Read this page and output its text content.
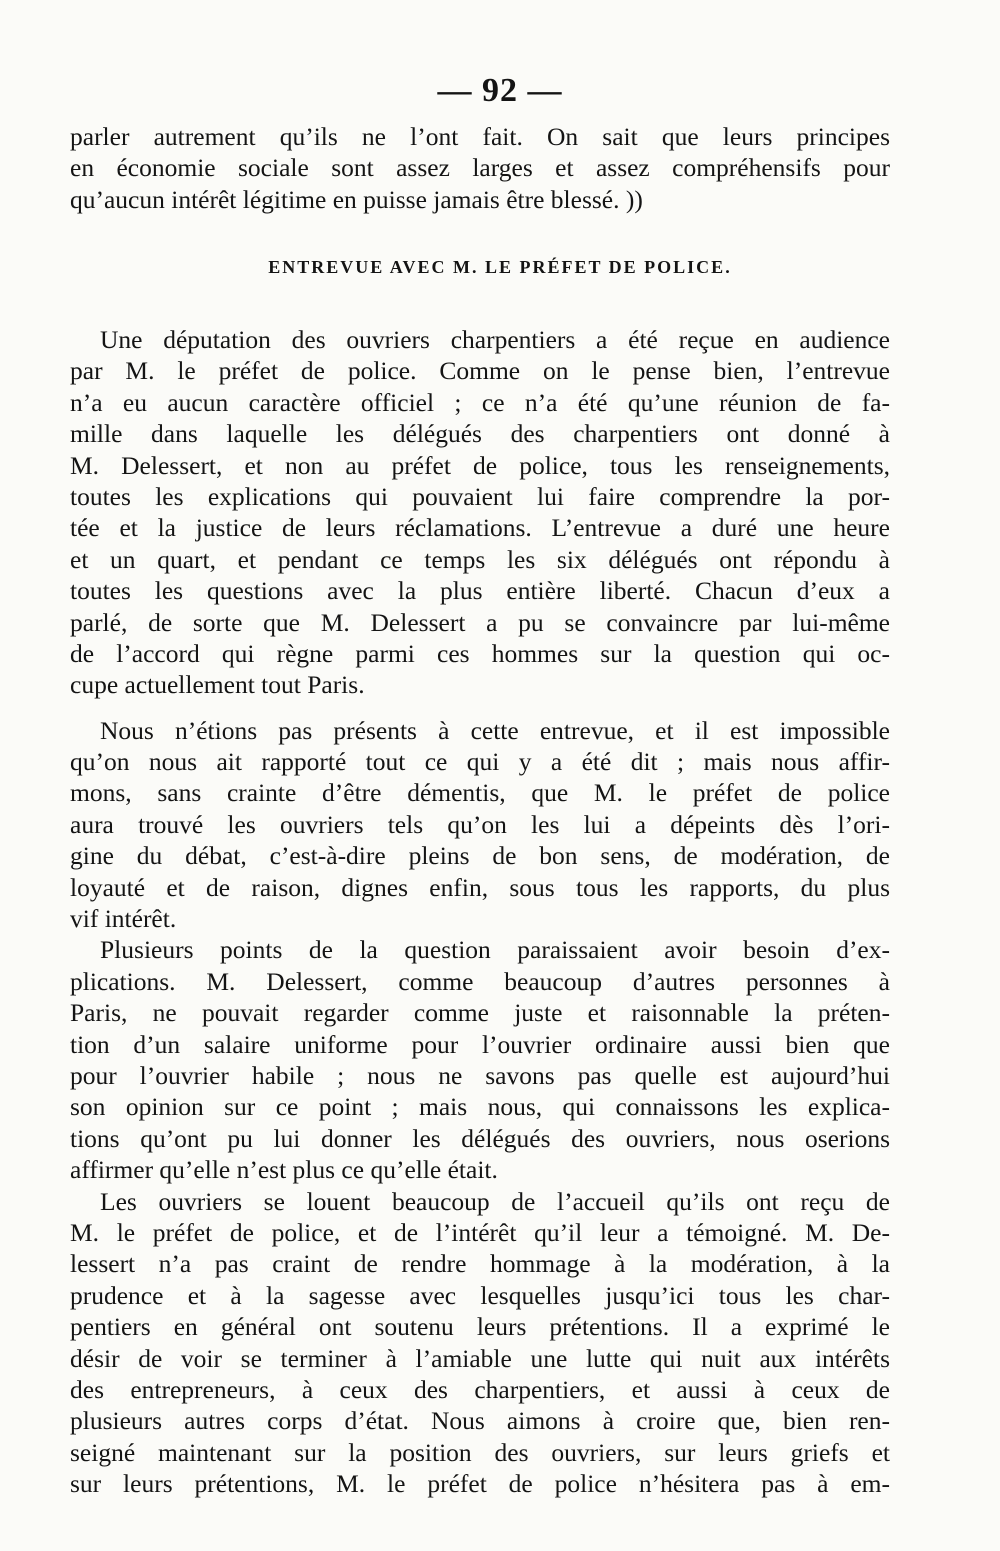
— 92 —
parler autrement qu’ils ne l’ont fait. On sait que leurs principes
en économie sociale sont assez larges et assez compréhensifs pour
qu’aucun intérêt légitime en puisse jamais être blessé. ))
ENTREVUE AVEC M. LE PRÉFET DE POLICE.
Une députation des ouvriers charpentiers a été reçue en audience
par M. le préfet de police. Comme on le pense bien, l’entrevue
n’a eu aucun caractère officiel ; ce n’a été qu’une réunion de fa-
mille dans laquelle les délégués des charpentiers ont donné à
M. Delessert, et non au préfet de police, tous les renseignements,
toutes les explications qui pouvaient lui faire comprendre la por-
tée et la justice de leurs réclamations. L’entrevue a duré une heure
et un quart, et pendant ce temps les six délégués ont répondu à
toutes les questions avec la plus entière liberté. Chacun d’eux a
parlé, de sorte que M. Delessert a pu se convaincre par lui-même
de l’accord qui règne parmi ces hommes sur la question qui oc-
cupe actuellement tout Paris.
Nous n’étions pas présents à cette entrevue, et il est impossible
qu’on nous ait rapporté tout ce qui y a été dit ; mais nous affir-
mons, sans crainte d’être démentis, que M. le préfet de police
aura trouvé les ouvriers tels qu’on les lui a dépeints dès l’ori-
gine du débat, c’est-à-dire pleins de bon sens, de modération, de
loyauté et de raison, dignes enfin, sous tous les rapports, du plus
vif intérêt.
Plusieurs points de la question paraissaient avoir besoin d’ex-
plications. M. Delessert, comme beaucoup d’autres personnes à
Paris, ne pouvait regarder comme juste et raisonnable la préten-
tion d’un salaire uniforme pour l’ouvrier ordinaire aussi bien que
pour l’ouvrier habile ; nous ne savons pas quelle est aujourd’hui
son opinion sur ce point ; mais nous, qui connaissons les explica-
tions qu’ont pu lui donner les délégués des ouvriers, nous oserions
affirmer qu’elle n’est plus ce qu’elle était.
Les ouvriers se louent beaucoup de l’accueil qu’ils ont reçu de
M. le préfet de police, et de l’intérêt qu’il leur a témoigné. M. De-
lessert n’a pas craint de rendre hommage à la modération, à la
prudence et à la sagesse avec lesquelles jusqu’ici tous les char-
pentiers en général ont soutenu leurs prétentions. Il a exprimé le
désir de voir se terminer à l’amiable une lutte qui nuit aux intérêts
des entrepreneurs, à ceux des charpentiers, et aussi à ceux de
plusieurs autres corps d’état. Nous aimons à croire que, bien ren-
seigné maintenant sur la position des ouvriers, sur leurs griefs et
sur leurs prétentions, M. le préfet de police n’hésitera pas à em-
